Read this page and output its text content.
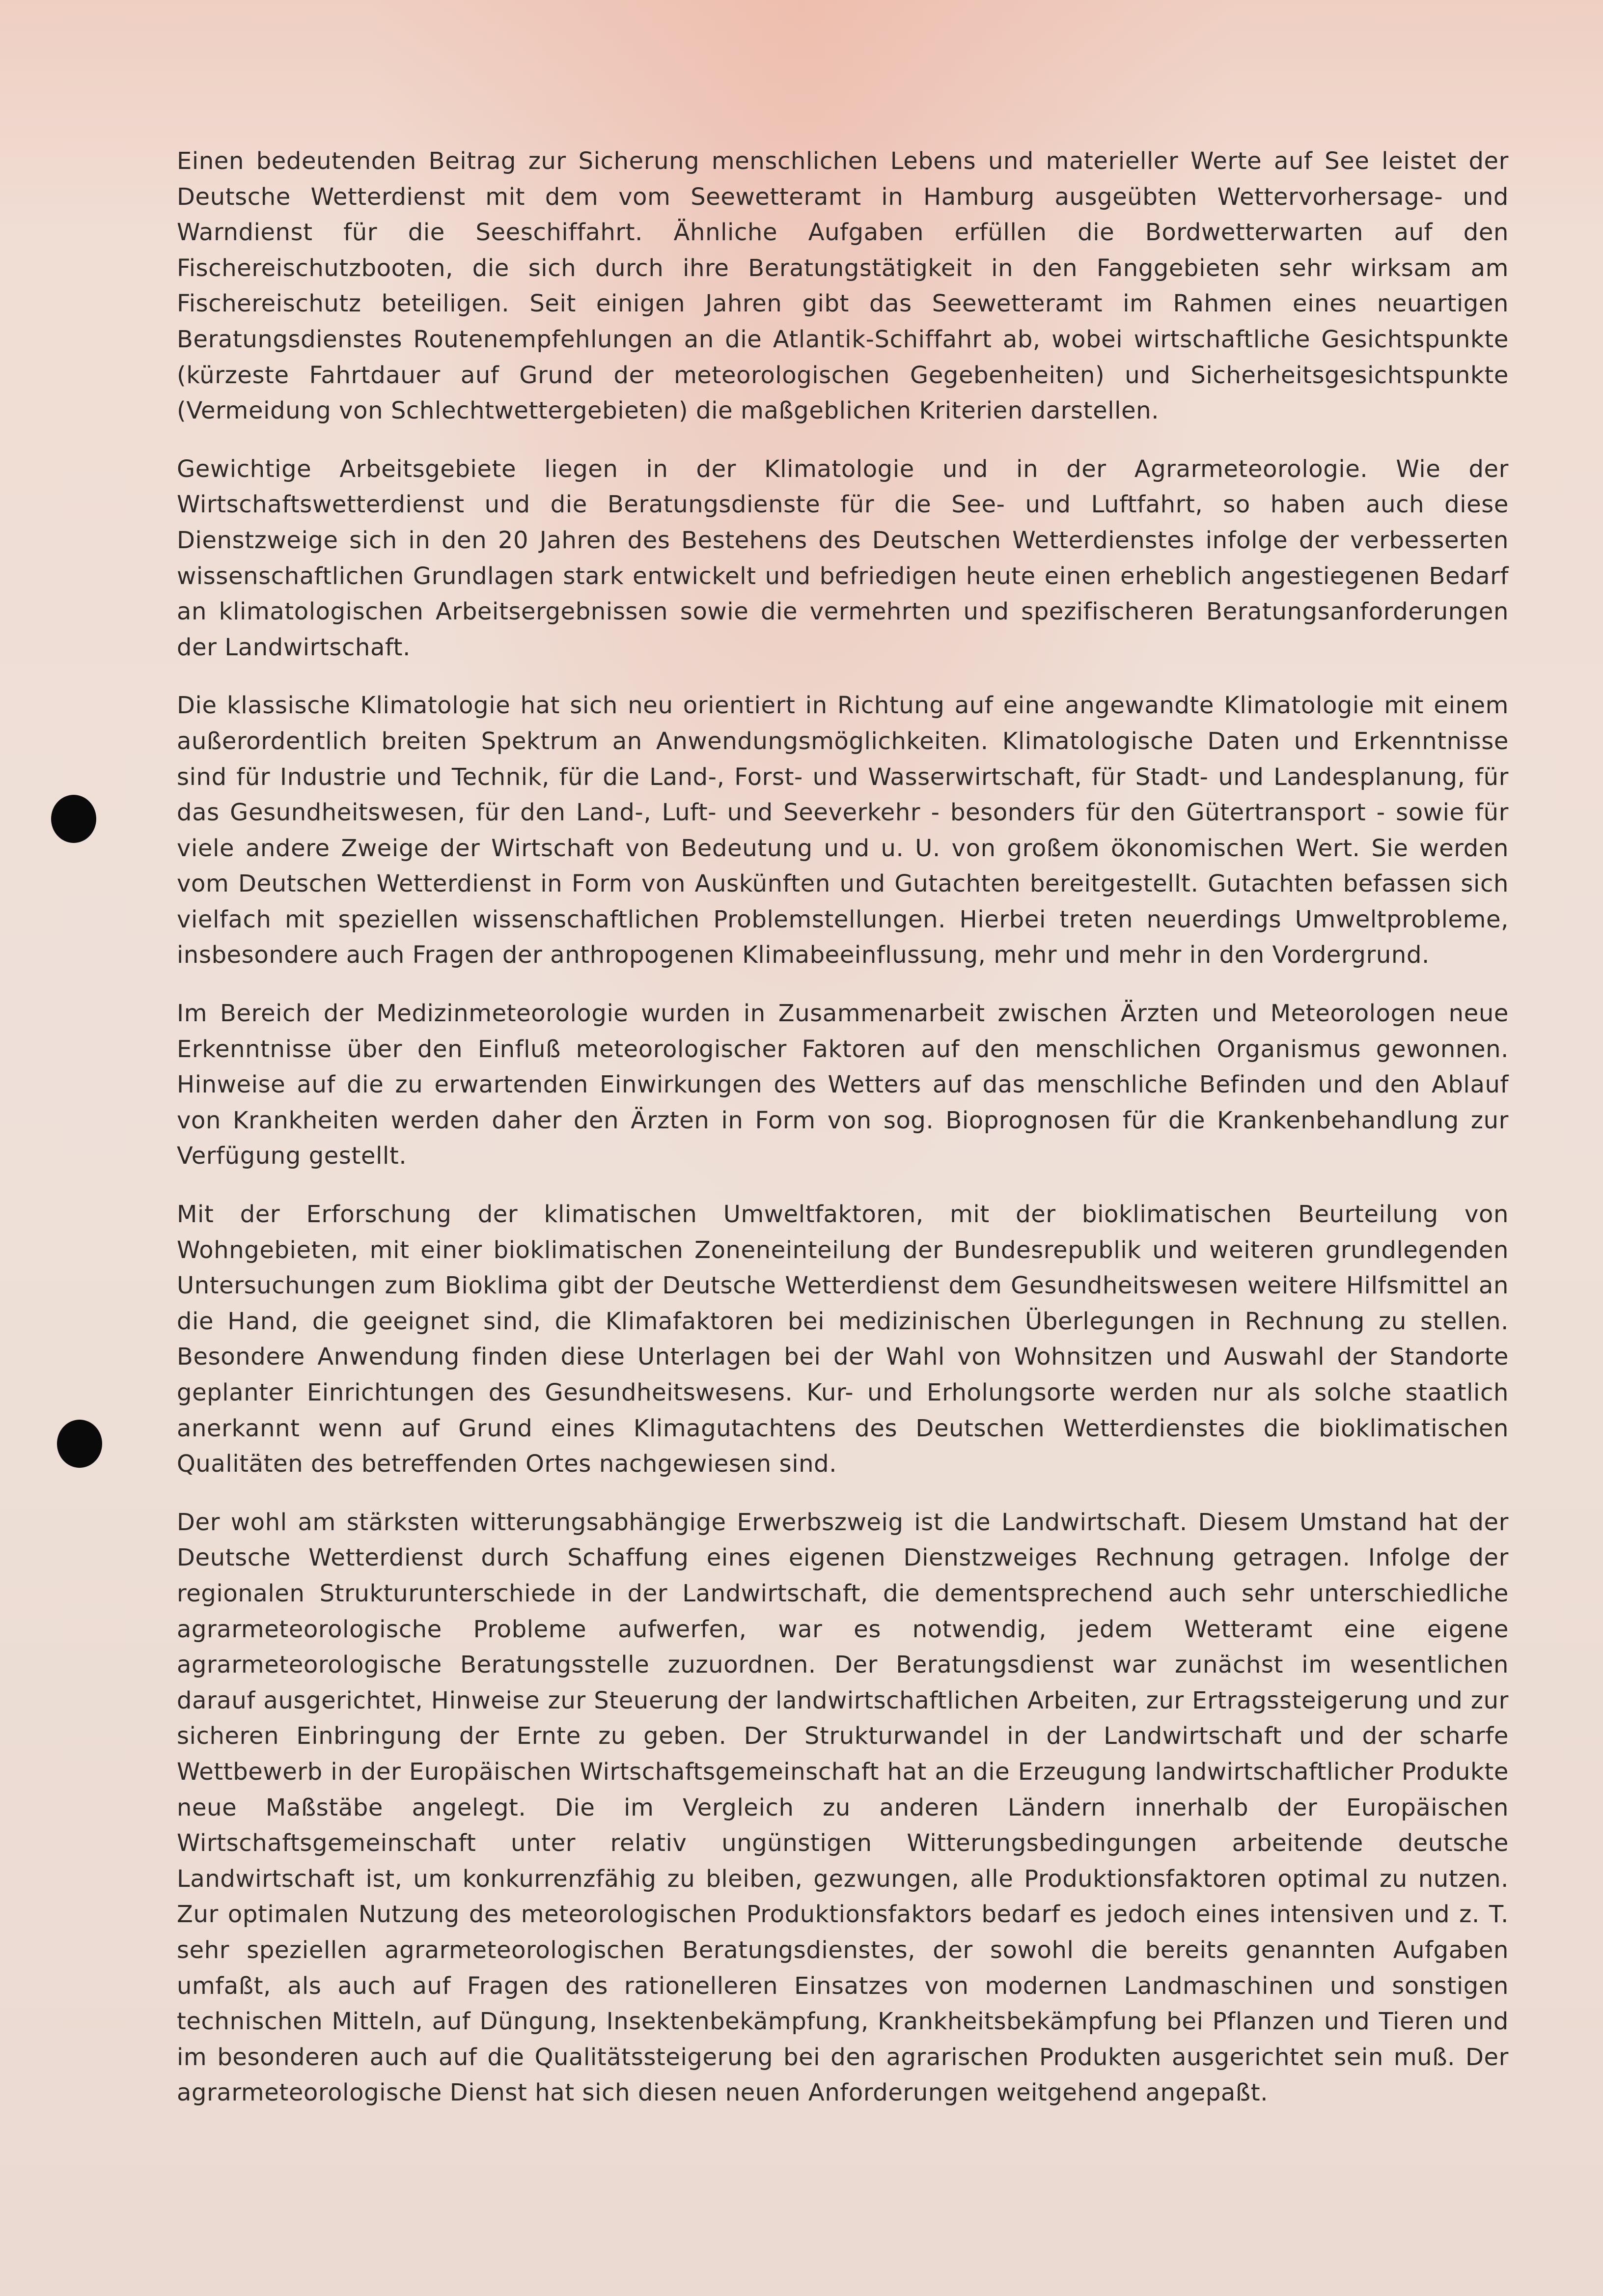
Einen bedeutenden Beitrag zur Sicherung menschlichen Lebens und materieller Werte auf See leistet der Deutsche Wetterdienst mit dem vom Seewetteramt in Hamburg ausgeübten Wettervorhersage- und Warndienst für die Seeschiffahrt. Ähnliche Aufgaben erfüllen die Bordwetterwarten auf den Fischereischutzbooten, die sich durch ihre Beratungstätigkeit in den Fanggebieten sehr wirksam am Fischereischutz beteiligen. Seit einigen Jahren gibt das Seewetteramt im Rahmen eines neuartigen Beratungsdienstes Routenempfehlungen an die Atlantik-Schiffahrt ab, wobei wirtschaftliche Gesichtspunkte (kürzeste Fahrtdauer auf Grund der meteorologischen Gegebenheiten) und Sicherheitsgesichtspunkte (Vermeidung von Schlechtwettergebieten) die maßgeblichen Kriterien darstellen.

Gewichtige Arbeitsgebiete liegen in der Klimatologie und in der Agrarmeteorologie. Wie der Wirtschaftswetterdienst und die Beratungsdienste für die See- und Luftfahrt, so haben auch diese Dienstzweige sich in den 20 Jahren des Bestehens des Deutschen Wetterdienstes infolge der verbesserten wissenschaftlichen Grundlagen stark entwickelt und befriedigen heute einen erheblich angestiegenen Bedarf an klimatologischen Arbeitsergebnissen sowie die vermehrten und spezifischeren Beratungsanforderungen der Landwirtschaft.

Die klassische Klimatologie hat sich neu orientiert in Richtung auf eine angewandte Klimatologie mit einem außerordentlich breiten Spektrum an Anwendungsmöglichkeiten. Klimatologische Daten und Erkenntnisse sind für Industrie und Technik, für die Land-, Forst- und Wasserwirtschaft, für Stadt- und Landesplanung, für das Gesundheitswesen, für den Land-, Luft- und Seeverkehr - besonders für den Gütertransport - sowie für viele andere Zweige der Wirtschaft von Bedeutung und u. U. von großem ökonomischen Wert. Sie werden vom Deutschen Wetterdienst in Form von Auskünften und Gutachten bereitgestellt. Gutachten befassen sich vielfach mit speziellen wissenschaftlichen Problemstellungen. Hierbei treten neuerdings Umweltprobleme, insbesondere auch Fragen der anthropogenen Klimabeeinflussung, mehr und mehr in den Vordergrund.

Im Bereich der Medizinmeteorologie wurden in Zusammenarbeit zwischen Ärzten und Meteorologen neue Erkenntnisse über den Einfluß meteorologischer Faktoren auf den menschlichen Organismus gewonnen. Hinweise auf die zu erwartenden Einwirkungen des Wetters auf das menschliche Befinden und den Ablauf von Krankheiten werden daher den Ärzten in Form von sog. Bioprognosen für die Krankenbehandlung zur Verfügung gestellt.

Mit der Erforschung der klimatischen Umweltfaktoren, mit der bioklimatischen Beurteilung von Wohngebieten, mit einer bioklimatischen Zoneneinteilung der Bundesrepublik und weiteren grundlegenden Untersuchungen zum Bioklima gibt der Deutsche Wetterdienst dem Gesundheitswesen weitere Hilfsmittel an die Hand, die geeignet sind, die Klimafaktoren bei medizinischen Überlegungen in Rechnung zu stellen. Besondere Anwendung finden diese Unterlagen bei der Wahl von Wohnsitzen und Auswahl der Standorte geplanter Einrichtungen des Gesundheitswesens. Kur- und Erholungsorte werden nur als solche staatlich anerkannt wenn auf Grund eines Klimagutachtens des Deutschen Wetterdienstes die bioklimatischen Qualitäten des betreffenden Ortes nachgewiesen sind.

Der wohl am stärksten witterungsabhängige Erwerbszweig ist die Landwirtschaft. Diesem Umstand hat der Deutsche Wetterdienst durch Schaffung eines eigenen Dienstzweiges Rechnung getragen. Infolge der regionalen Strukturunterschiede in der Landwirtschaft, die dementsprechend auch sehr unterschiedliche agrarmeteorologische Probleme aufwerfen, war es notwendig, jedem Wetteramt eine eigene agrarmeteorologische Beratungsstelle zuzuordnen. Der Beratungsdienst war zunächst im wesentlichen darauf ausgerichtet, Hinweise zur Steuerung der landwirtschaftlichen Arbeiten, zur Ertragssteigerung und zur sicheren Einbringung der Ernte zu geben. Der Strukturwandel in der Landwirtschaft und der scharfe Wettbewerb in der Europäischen Wirtschaftsgemeinschaft hat an die Erzeugung landwirtschaftlicher Produkte neue Maßstäbe angelegt. Die im Vergleich zu anderen Ländern innerhalb der Europäischen Wirtschaftsgemeinschaft unter relativ ungünstigen Witterungsbedingungen arbeitende deutsche Landwirtschaft ist, um konkurrenzfähig zu bleiben, gezwungen, alle Produktionsfaktoren optimal zu nutzen. Zur optimalen Nutzung des meteorologischen Produktionsfaktors bedarf es jedoch eines intensiven und z. T. sehr speziellen agrarmeteorologischen Beratungsdienstes, der sowohl die bereits genannten Aufgaben umfaßt, als auch auf Fragen des rationelleren Einsatzes von modernen Landmaschinen und sonstigen technischen Mitteln, auf Düngung, Insektenbekämpfung, Krankheitsbekämpfung bei Pflanzen und Tieren und im besonderen auch auf die Qualitätssteigerung bei den agrarischen Produkten ausgerichtet sein muß. Der agrarmeteorologische Dienst hat sich diesen neuen Anforderungen weitgehend angepaßt.
